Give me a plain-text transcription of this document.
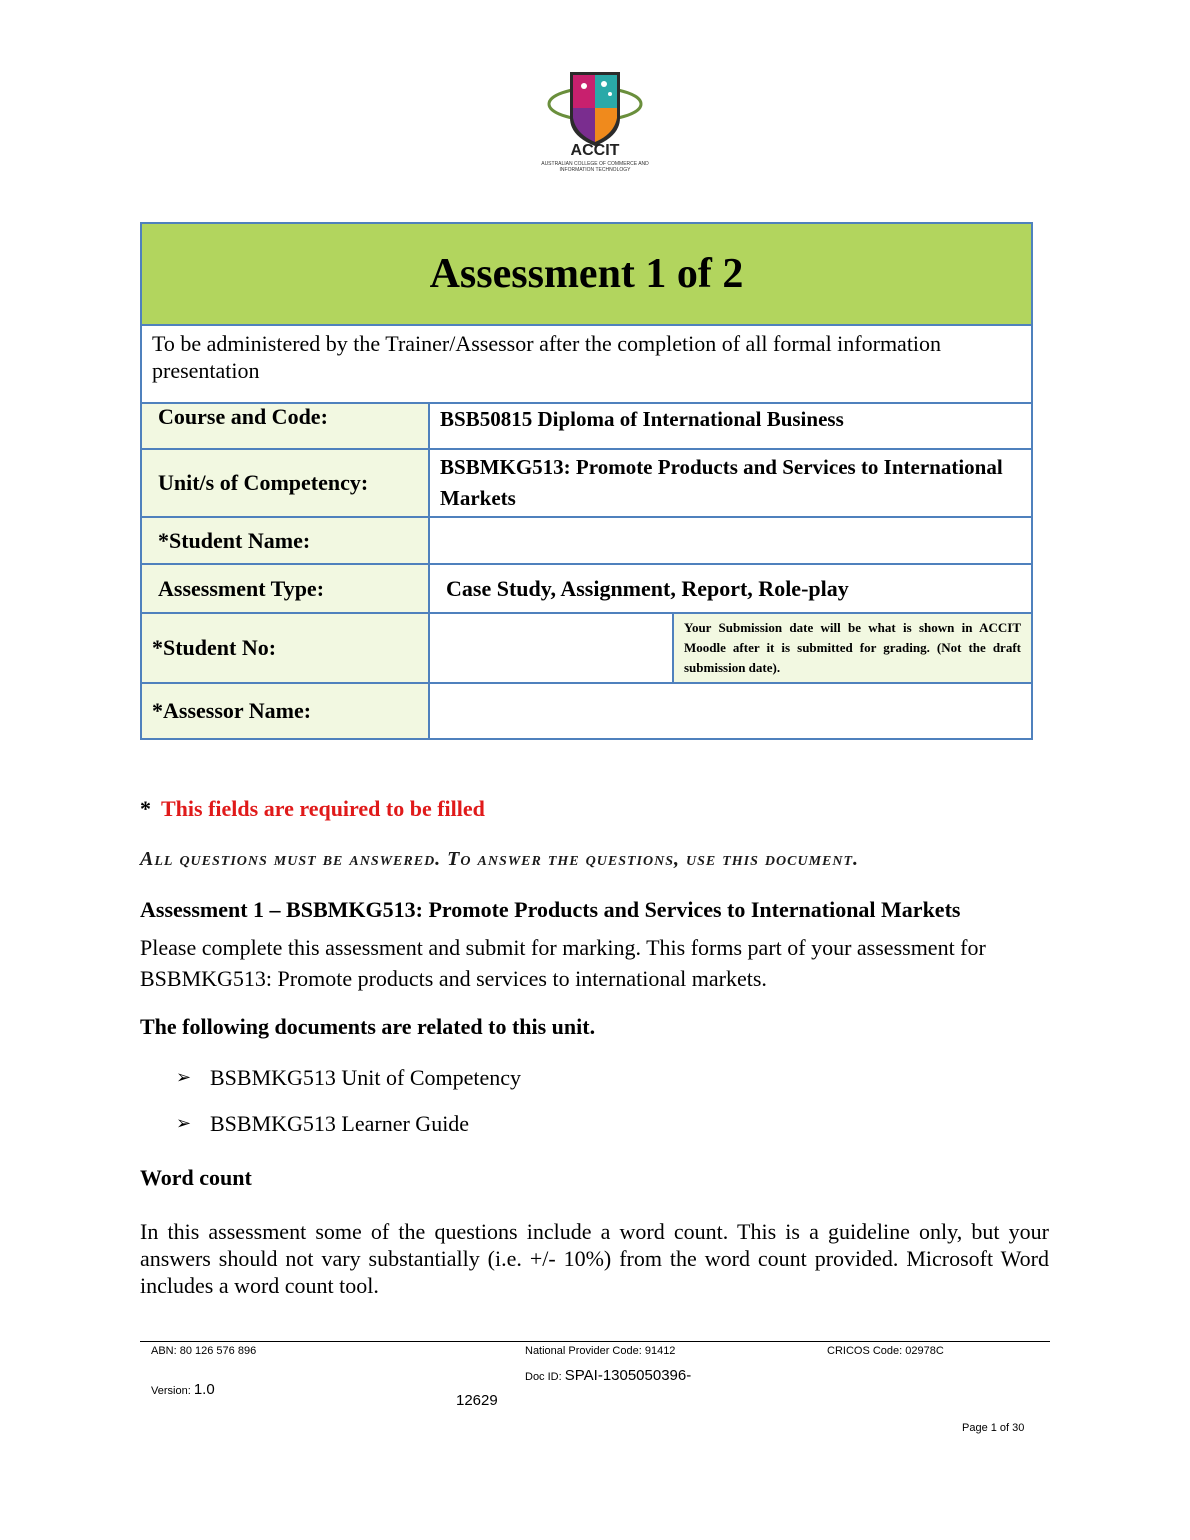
ACCIT
AUSTRALIAN COLLEGE OF COMMERCE AND INFORMATION TECHNOLOGY
Assessment 1 of 2		
To be administered by the Trainer/Assessor after the completion of all formal information presentation		
Course and Code:	BSB50815 Diploma of International Business	
Unit/s of Competency:	BSBMKG513: Promote Products and Services to International Markets	
*Student Name:		
Assessment Type:	Case Study, Assignment, Report, Role-play	
*Student No:		Your Submission date will be what is shown in ACCIT Moodle after it is submitted for grading. (Not the draft submission date).
*Assessor Name:		
* This fields are required to be filled
All questions must be answered. To answer the questions, use this document.
Assessment 1 – BSBMKG513: Promote Products and Services to International Markets
Please complete this assessment and submit for marking. This forms part of your assessment for BSBMKG513: Promote products and services to international markets.
The following documents are related to this unit.
➢ BSBMKG513 Unit of Competency
➢ BSBMKG513 Learner Guide
Word count
In this assessment some of the questions include a word count. This is a guideline only, but your answers should not vary substantially (i.e. +/- 10%) from the word count provided. Microsoft Word includes a word count tool.
ABN: 80 126 576 896	National Provider Code: 91412	CRICOS Code: 02978C
Version: 1.0
Doc ID: SPAI-1305050396-
12629
Page 1 of 30
